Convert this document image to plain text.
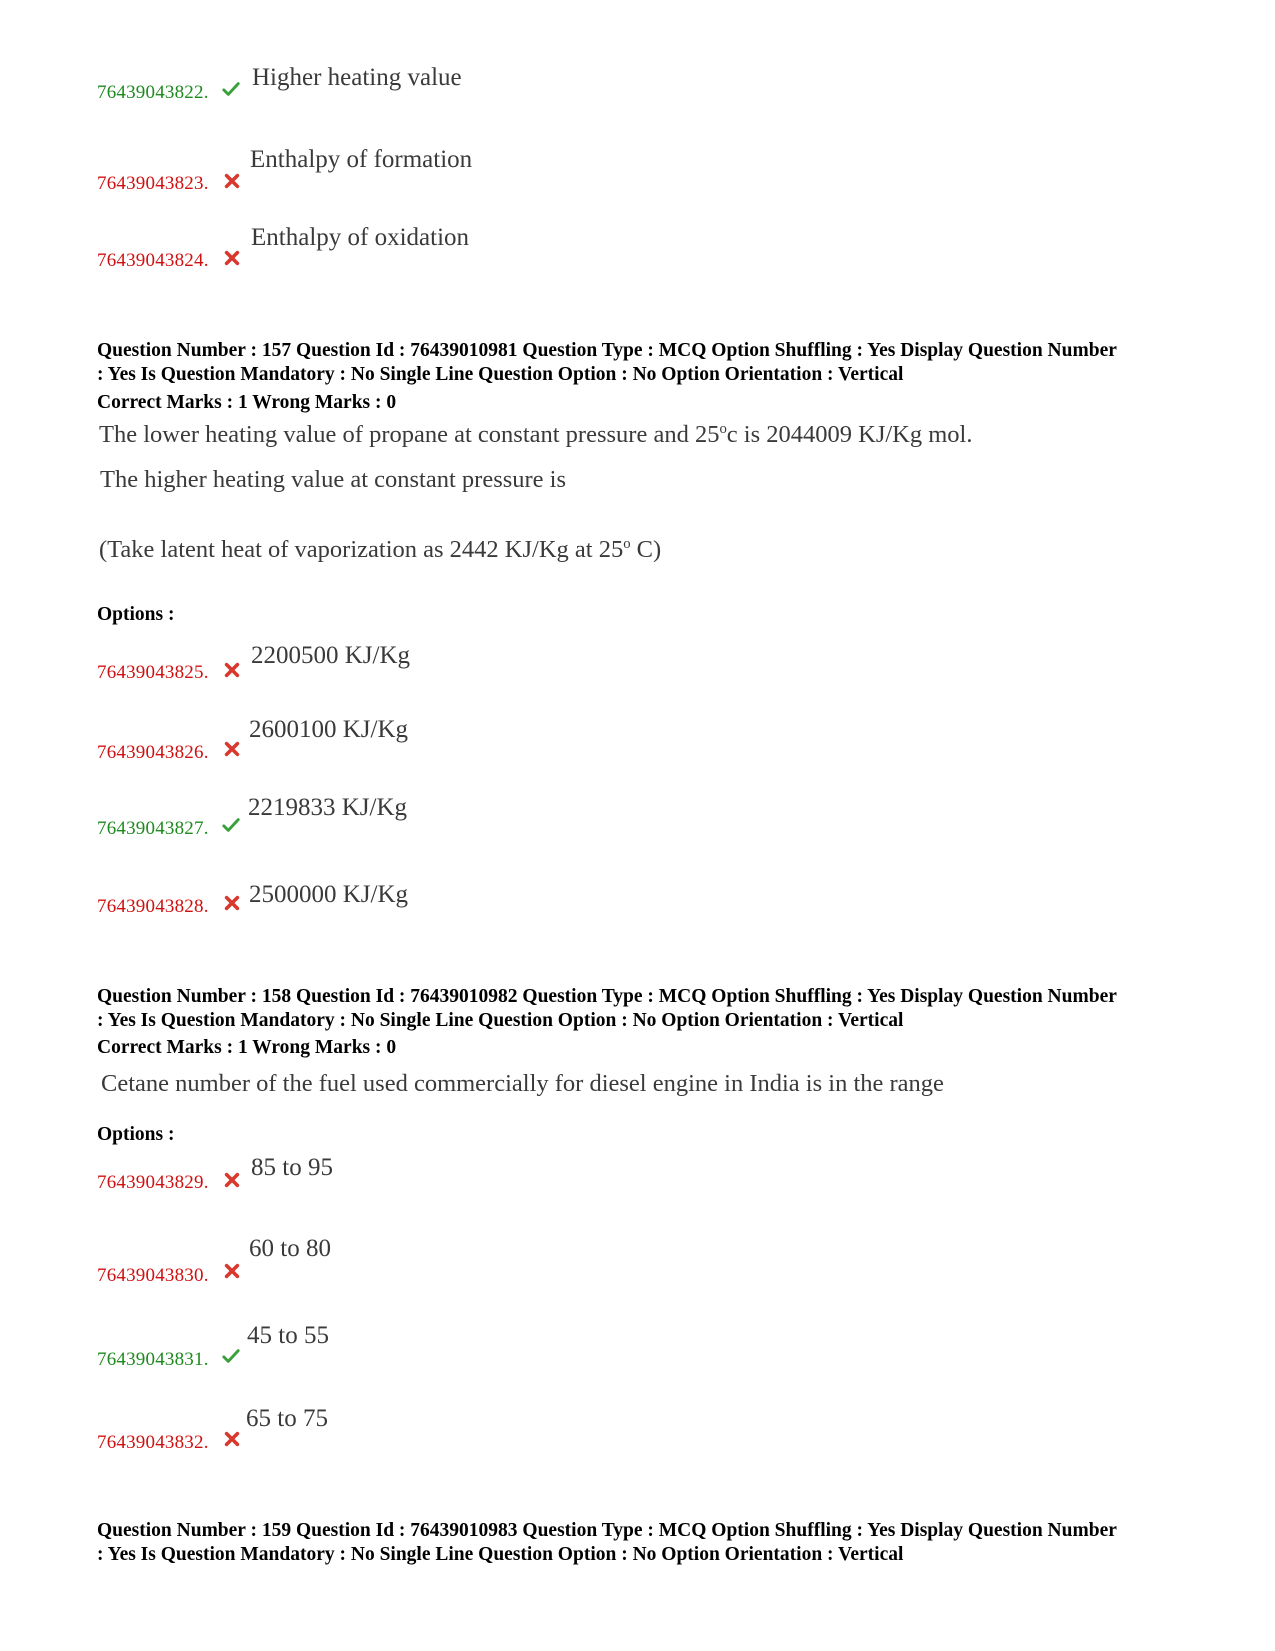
76439043822.
Higher heating value
76439043823.
Enthalpy of formation
76439043824.
Enthalpy of oxidation
Question Number : 157 Question Id : 76439010981 Question Type : MCQ Option Shuffling : Yes Display Question Number
: Yes Is Question Mandatory : No Single Line Question Option : No Option Orientation : Vertical
Correct Marks : 1 Wrong Marks : 0
The lower heating value of propane at constant pressure and 25$^o$c is 2044009 KJ/Kg mol.
The higher heating value at constant pressure is
(Take latent heat of vaporization as 2442 KJ/Kg at 25$^o$ C)
Options :
76439043825.
2200500 KJ/Kg
76439043826.
2600100 KJ/Kg
76439043827.
2219833 KJ/Kg
76439043828. 2500000 KJ/Kg
Question Number : 158 Question Id : 76439010982 Question Type : MCQ Option Shuffling : Yes Display Question Number
: Yes Is Question Mandatory : No Single Line Question Option : No Option Orientation : Vertical
Correct Marks : 1 Wrong Marks : 0
Cetane number of the fuel used commercially for diesel engine in India is in the range
Options :
76439043829.
85 to 95
76439043830.
60 to 80
76439043831.
45 to 55
76439043832.
65 to 75
Question Number : 159 Question Id : 76439010983 Question Type : MCQ Option Shuffling : Yes Display Question Number
: Yes Is Question Mandatory : No Single Line Question Option : No Option Orientation : Vertical
